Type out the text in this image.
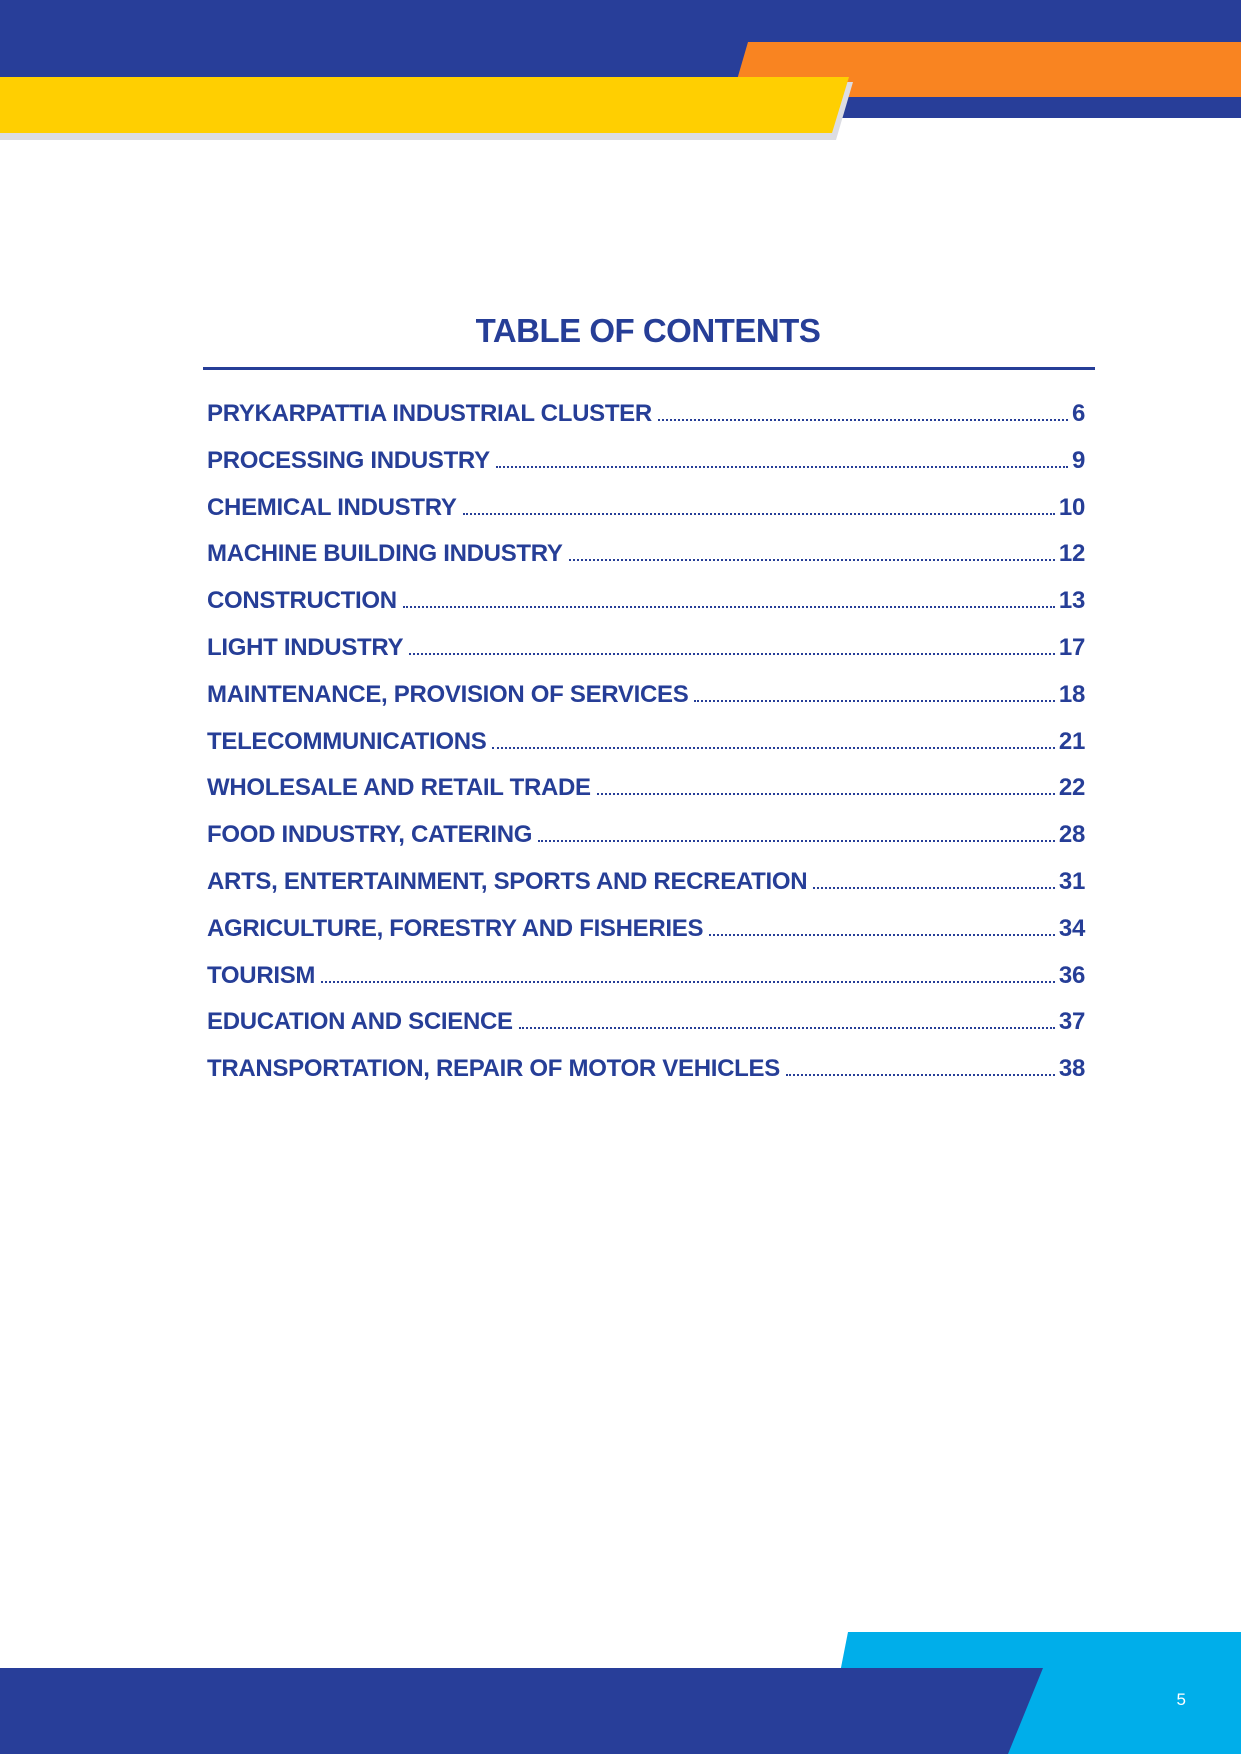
TABLE OF CONTENTS
PRYKARPATTIA INDUSTRIAL CLUSTER	6
PROCESSING INDUSTRY	9
CHEMICAL INDUSTRY	10
MACHINE BUILDING INDUSTRY	12
CONSTRUCTION	13
LIGHT INDUSTRY	17
MAINTENANCE, PROVISION OF SERVICES	18
TELECOMMUNICATIONS	21
WHOLESALE AND RETAIL TRADE	22
FOOD INDUSTRY, CATERING	28
ARTS, ENTERTAINMENT, SPORTS AND RECREATION	31
AGRICULTURE, FORESTRY AND FISHERIES	34
TOURISM	36
EDUCATION AND SCIENCE	37
TRANSPORTATION, REPAIR OF MOTOR VEHICLES	38
5
